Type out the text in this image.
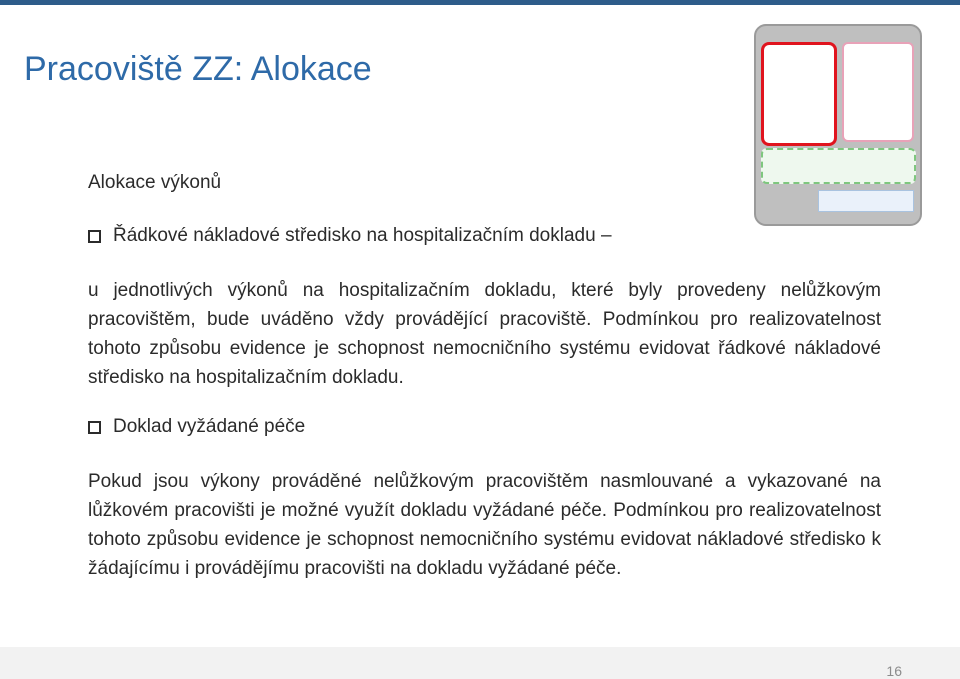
Pracoviště ZZ: Alokace
Alokace výkonů
Řádkové nákladové středisko na hospitalizačním dokladu –
u jednotlivých výkonů na hospitalizačním dokladu, které byly provedeny nelůžkovým pracovištěm, bude uváděno vždy provádějící pracoviště. Podmínkou pro realizovatelnost tohoto způsobu evidence je schopnost nemocničního systému evidovat řádkové nákladové středisko na hospitalizačním dokladu.
Doklad vyžádané péče
Pokud jsou výkony prováděné nelůžkovým pracovištěm nasmlouvané a vykazované na lůžkovém pracovišti je možné využít dokladu vyžádané péče. Podmínkou pro realizovatelnost tohoto způsobu evidence je schopnost nemocničního systému evidovat nákladové středisko k žádajícímu i provádějímu pracovišti na dokladu vyžádané péče.
16
